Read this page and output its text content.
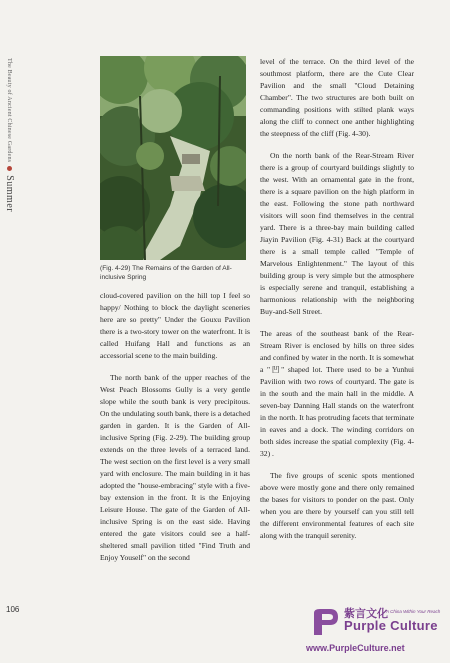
The Beauty of Ancient Chinese Gardens  Summer
(Fig. 4-29) The Remains of the Garden of All-inclusive Spring

cloud-covered pavilion on the hill top I feel so happy/ Nothing to block the daylight sceneries here are so pretty" Under the Gouxu Pavilion there is a two-story tower on the waterfront. It is called Huifang Hall and functions as an accessorial scene to the main building.

The north bank of the upper reaches of the West Peach Blossoms Gully is a very gentle slope while the south bank is very precipitous. On the undulating south bank, there is a detached garden in garden. It is the Garden of All-inclusive Spring (Fig. 2-29). The building group extends on the three levels of a terraced land. The west section on the first level is a very small yard with enclosure. The main building in it has adopted the "house-embracing" style with a five-bay extension in the front. It is the Enjoying Leisure House. The gate of the Garden of All-inclusive Spring is on the east side. Having entered the gate visitors could see a half-sheltered small pavilion titled "Find Truth and Enjoy Youself" on the second

level of the terrace. On the third level of the southmost platform, there are the Cute Clear Pavilion and the small "Cloud Detaining Chamber". The two structures are both built on commanding positions with stilted plank ways along the cliff to connect one anther highlighting the steepness of the cliff (Fig. 4-30).

On the north bank of the Rear-Stream River there is a group of courtyard buildings slightly to the west. With an ornamental gate in the front, there is a square pavilion on the high platform in the east. Following the stone path northward visitors will soon find themselves in the central yard. There is a three-bay main building called Jiayin Pavilion (Fig. 4-31) Back at the courtyard there is a small temple called "Temple of Marvelous Enlightenment." The layout of this building group is very simple but the atmosphere is especially serene and tranquil, establishing a harmonious relationship with the neighboring Buy-and-Sell Street.

The areas of the southeast bank of the Rear-Stream River is enclosed by hills on three sides and confined by water in the north. It is somewhat a "凹" shaped lot. There used to be a Yunhui Pavilion with two rows of courtyard. The gate is in the south and the main hall in the middle. A seven-bay Danning Hall stands on the waterfront in the north. It has protruding facets that terminate in eaves and a dock. The winding corridors on both sides increase the spatial complexity (Fig. 4-32) .

The five groups of scenic spots mentioned above were mostly gone and there only remained the bases for visitors to ponder on the past. Only when you are there by yourself can you still tell the different environmental features of each site along with the tranquil serenity.

106	紫言文化
A China Within Your Reach
Purple Culture
www.PurpleCulture.net
